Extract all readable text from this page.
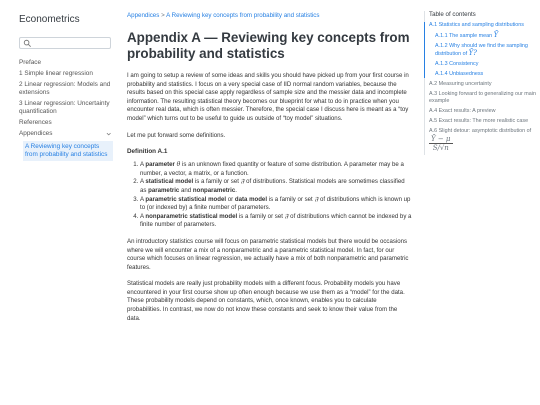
Econometrics
Preface
1 Simple linear regression
2 Linear regression: Models and extensions
3 Linear regression: Uncertainty quantification
References
Appendices
A Reviewing key concepts from probability and statistics
Appendices > A Reviewing key concepts from probability and statistics
Appendix A — Reviewing key concepts from probability and statistics

I am going to setup a review of some ideas and skills you should have picked up from your first course in probability and statistics. I focus on a very special case of IID normal random variables, because the results based on this special case apply regardless of sample size and the messier data and incomplete information. The resulting statistical theory becomes our blueprint for what to do in practice when you encounter real data, which is often messier. Therefore, the special case I discuss here is meant as a “toy model” which turns out to be useful to guide us outside of “toy model” situations.

Let me put forward some definitions.

Definition A.1
1. A parameter θ is an unknown fixed quantity or feature of some distribution. A parameter may be a number, a vector, a matrix, or a function.
2. A statistical model is a family or set 𝔉 of distributions. Statistical models are sometimes classified as parametric and nonparametric.
3. A parametric statistical model or data model is a family or set 𝔉 of distributions which is known up to (or indexed by) a finite number of parameters.
4. A nonparametric statistical model is a family or set 𝔉 of distributions which cannot be indexed by a finite number of parameters.

An introductory statistics course will focus on parametric statistical models but there would be occasions where we will encounter a mix of a nonparametric and a parametric statistical model. In fact, for our course which focuses on linear regression, we actually have a mix of both nonparametric and parametric features.

Statistical models are really just probability models with a different focus. Probability models you have encountered in your first course show up often enough because we use them as a “model” for the data. These probability models depend on constants, which, once known, enables you to calculate probabilities. In contrast, we now do not know these constants and seek to know their value from the data.

Table of contents
A.1 Statistics and sampling distributions
A.1.1 The sample mean Ȳ
A.1.2 Why should we find the sampling distribution of Ȳ?
A.1.3 Consistency
A.1.4 Unbiasedness
A.2 Measuring uncertainty
A.3 Looking forward to generalizing our main example
A.4 Exact results: A preview
A.5 Exact results: The more realistic case
A.6 Slight detour: asymptotic distribution of
$\frac{Ȳ - \mu}{S/√n}$
